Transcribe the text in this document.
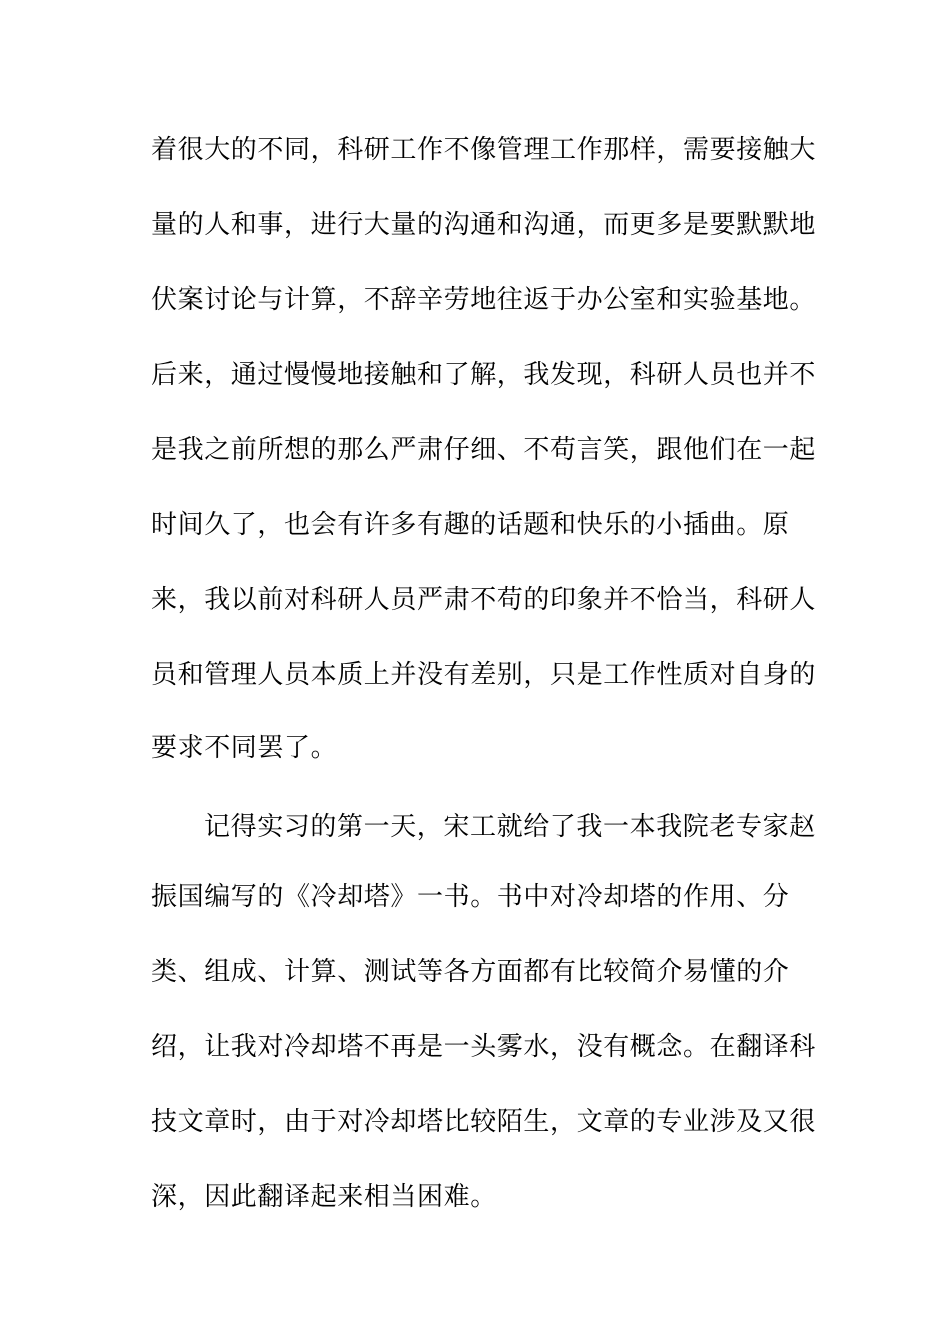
着很大的不同，科研工作不像管理工作那样，需要接触大
量的人和事，进行大量的沟通和沟通，而更多是要默默地
伏案讨论与计算，不辞辛劳地往返于办公室和实验基地。
后来，通过慢慢地接触和了解，我发现，科研人员也并不
是我之前所想的那么严肃仔细、不苟言笑，跟他们在一起
时间久了，也会有许多有趣的话题和快乐的小插曲。原
来，我以前对科研人员严肃不苟的印象并不恰当，科研人
员和管理人员本质上并没有差别，只是工作性质对自身的
要求不同罢了。
记得实习的第一天，宋工就给了我一本我院老专家赵
振国编写的《冷却塔》一书。书中对冷却塔的作用、分
类、组成、计算、测试等各方面都有比较简介易懂的介
绍，让我对冷却塔不再是一头雾水，没有概念。在翻译科
技文章时，由于对冷却塔比较陌生，文章的专业涉及又很
深，因此翻译起来相当困难。
